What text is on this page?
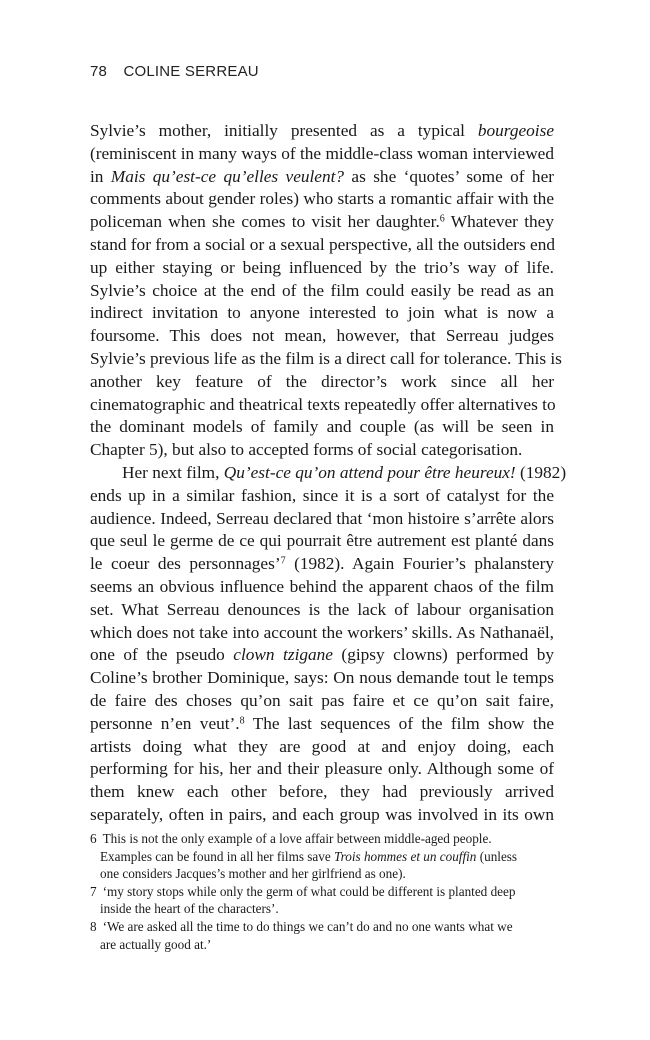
78 COLINE SERREAU
Sylvie’s mother, initially presented as a typical bourgeoise
(reminiscent in many ways of the middle-class woman interviewed
in Mais qu’est-ce qu’elles veulent? as she ‘quotes’ some of her
comments about gender roles) who starts a romantic affair with the
policeman when she comes to visit her daughter.$^6$ Whatever they
stand for from a social or a sexual perspective, all the outsiders end
up either staying or being influenced by the trio’s way of life.
Sylvie’s choice at the end of the film could easily be read as an
indirect invitation to anyone interested to join what is now a
foursome. This does not mean, however, that Serreau judges
Sylvie’s previous life as the film is a direct call for tolerance. This is
another key feature of the director’s work since all her
cinematographic and theatrical texts repeatedly offer alternatives to
the dominant models of family and couple (as will be seen in
Chapter 5), but also to accepted forms of social categorisation.
Her next film, Qu’est-ce qu’on attend pour être heureux! (1982)
ends up in a similar fashion, since it is a sort of catalyst for the
audience. Indeed, Serreau declared that ‘mon histoire s’arrête alors
que seul le germe de ce qui pourrait être autrement est planté dans
le coeur des personnages’$^7$ (1982). Again Fourier’s phalanstery
seems an obvious influence behind the apparent chaos of the film
set. What Serreau denounces is the lack of labour organisation
which does not take into account the workers’ skills. As Nathanaël,
one of the pseudo clown tzigane (gipsy clowns) performed by
Coline’s brother Dominique, says: On nous demande tout le temps
de faire des choses qu’on sait pas faire et ce qu’on sait faire,
personne n’en veut’.$^8$ The last sequences of the film show the
artists doing what they are good at and enjoy doing, each
performing for his, her and their pleasure only. Although some of
them knew each other before, they had previously arrived
separately, often in pairs, and each group was involved in its own
6 This is not the only example of a love affair between middle-aged people.
Examples can be found in all her films save Trois hommes et un couffin (unless
one considers Jacques’s mother and her girlfriend as one).
7 ‘my story stops while only the germ of what could be different is planted deep
inside the heart of the characters’.
8 ‘We are asked all the time to do things we can’t do and no one wants what we
are actually good at.’
